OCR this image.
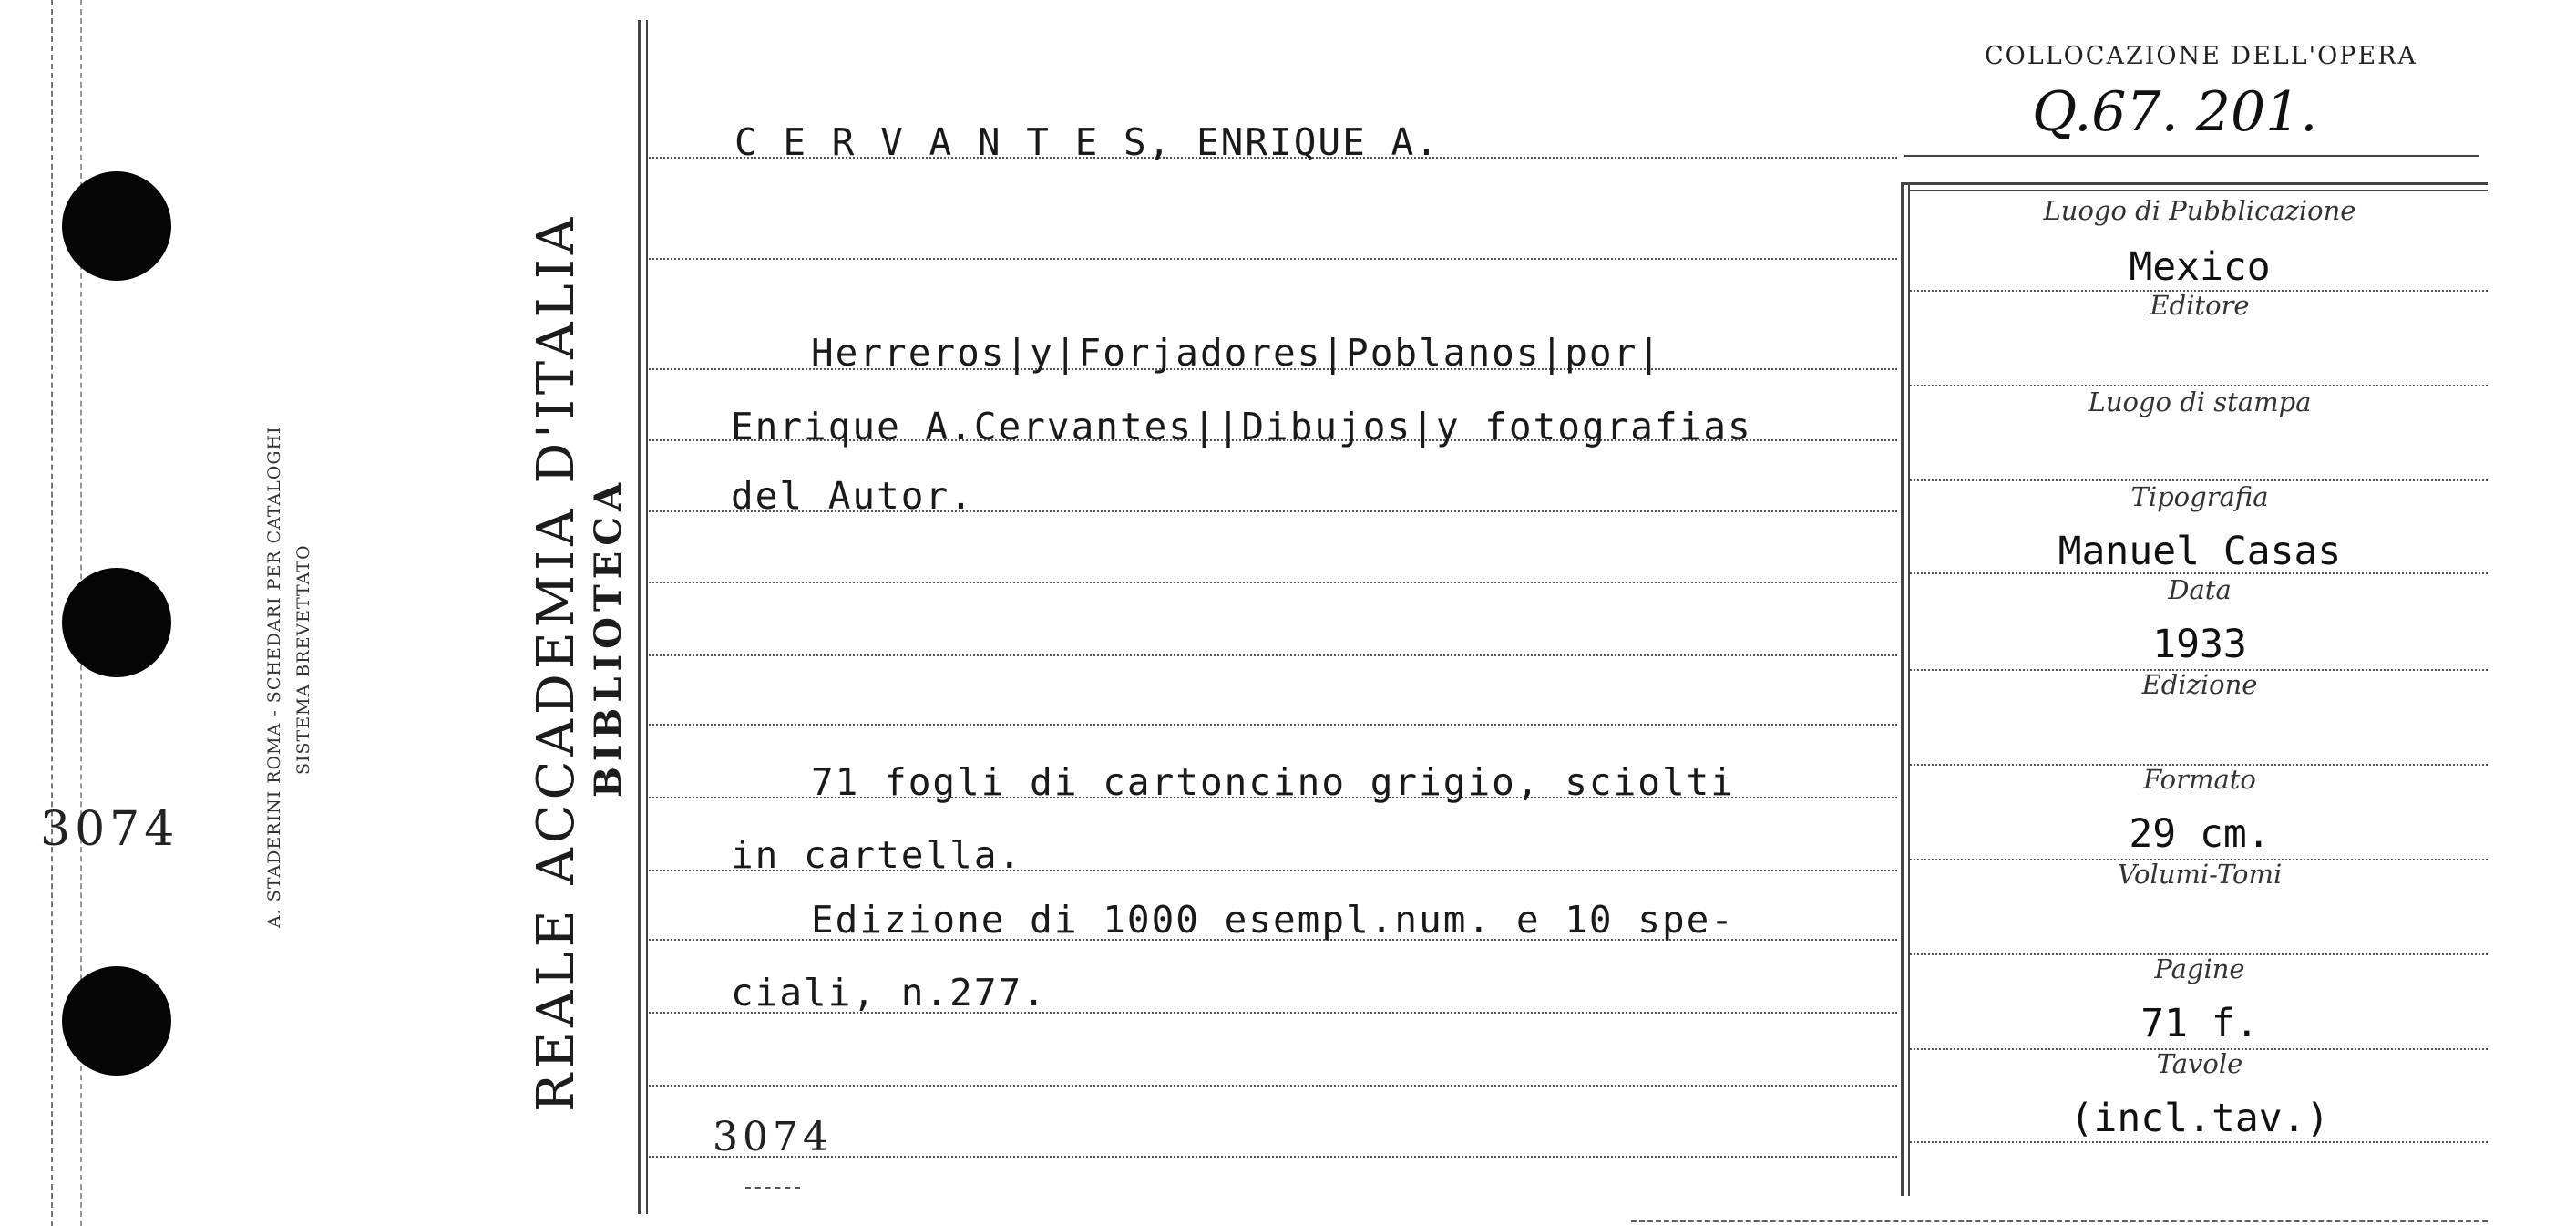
3074	A. STADERINI ROMA - SCHEDARI PER CATALOGHI SISTEMA BREVETTATO	REALE ACCADEMIA D'ITALIA BIBLIOTECA
C E R V A N T E S, ENRIQUE A.
Herreros|y|Forjadores|Poblanos|por|
Enrique A.Cervantes||Dibujos|y fotografias
del Autor.
71 fogli di cartoncino grigio, sciolti
in cartella.
Edizione di 1000 esempl.num. e 10 spe-
ciali, n.277.
3074
COLLOCAZIONE DELL'OPERA
Q.67. 201.
Luogo di Pubblicazione
Mexico
Editore
Luogo di stampa
Tipografia
Manuel Casas
Data
1933
Edizione
Formato
29 cm.
Volumi-Tomi
Pagine
71 f.
Tavole
(incl.tav.)
